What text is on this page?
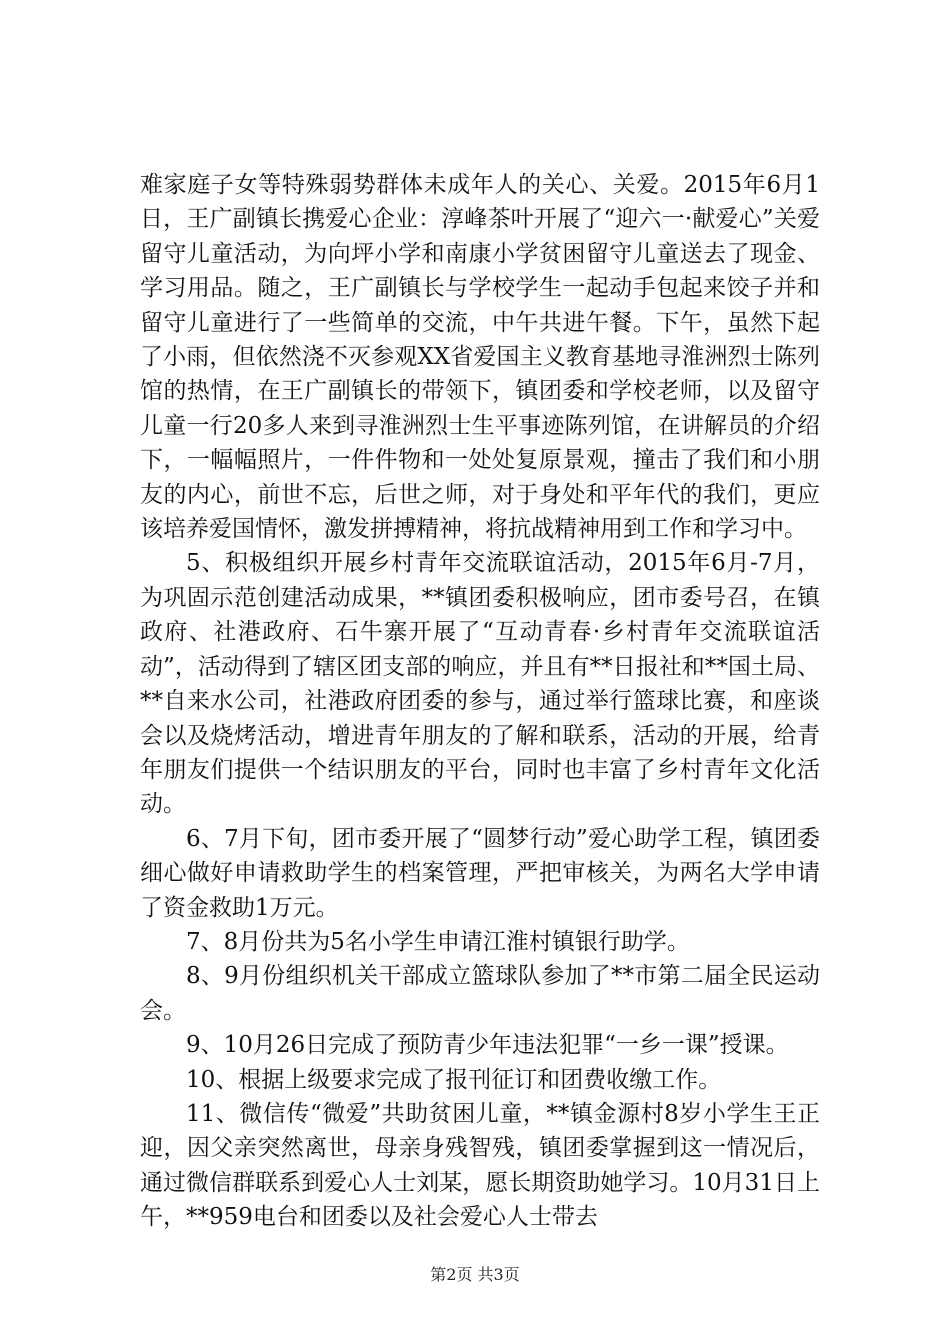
难家庭子女等特殊弱势群体未成年人的关心、关爱。2015年6月1日，王广副镇长携爱心企业：淳峰茶叶开展了“迎六一·献爱心”关爱留守儿童活动，为向坪小学和南康小学贫困留守儿童送去了现金、学习用品。随之，王广副镇长与学校学生一起动手包起来饺子并和留守儿童进行了一些简单的交流，中午共进午餐。下午，虽然下起了小雨，但依然浇不灭参观XX省爱国主义教育基地寻淮洲烈士陈列馆的热情，在王广副镇长的带领下，镇团委和学校老师，以及留守儿童一行20多人来到寻淮洲烈士生平事迹陈列馆，在讲解员的介绍下，一幅幅照片，一件件物和一处处复原景观，撞击了我们和小朋友的内心，前世不忘，后世之师，对于身处和平年代的我们，更应该培养爱国情怀，激发拼搏精神，将抗战精神用到工作和学习中。

5、积极组织开展乡村青年交流联谊活动，2015年6月-7月，为巩固示范创建活动成果，**镇团委积极响应，团市委号召，在镇政府、社港政府、石牛寨开展了“互动青春·乡村青年交流联谊活动”，活动得到了辖区团支部的响应，并且有**日报社和**国土局、**自来水公司，社港政府团委的参与，通过举行篮球比赛，和座谈会以及烧烤活动，增进青年朋友的了解和联系，活动的开展，给青年朋友们提供一个结识朋友的平台，同时也丰富了乡村青年文化活动。

6、7月下旬，团市委开展了“圆梦行动”爱心助学工程，镇团委细心做好申请救助学生的档案管理，严把审核关，为两名大学申请了资金救助1万元。

7、8月份共为5名小学生申请江淮村镇银行助学。

8、9月份组织机关干部成立篮球队参加了**市第二届全民运动会。

9、10月26日完成了预防青少年违法犯罪“一乡一课”授课。

10、根据上级要求完成了报刊征订和团费收缴工作。

11、微信传“微爱”共助贫困儿童，**镇金源村8岁小学生王正迎，因父亲突然离世，母亲身残智残，镇团委掌握到这一情况后，通过微信群联系到爱心人士刘某，愿长期资助她学习。10月31日上午，**959电台和团委以及社会爱心人士带去

第2页 共3页
